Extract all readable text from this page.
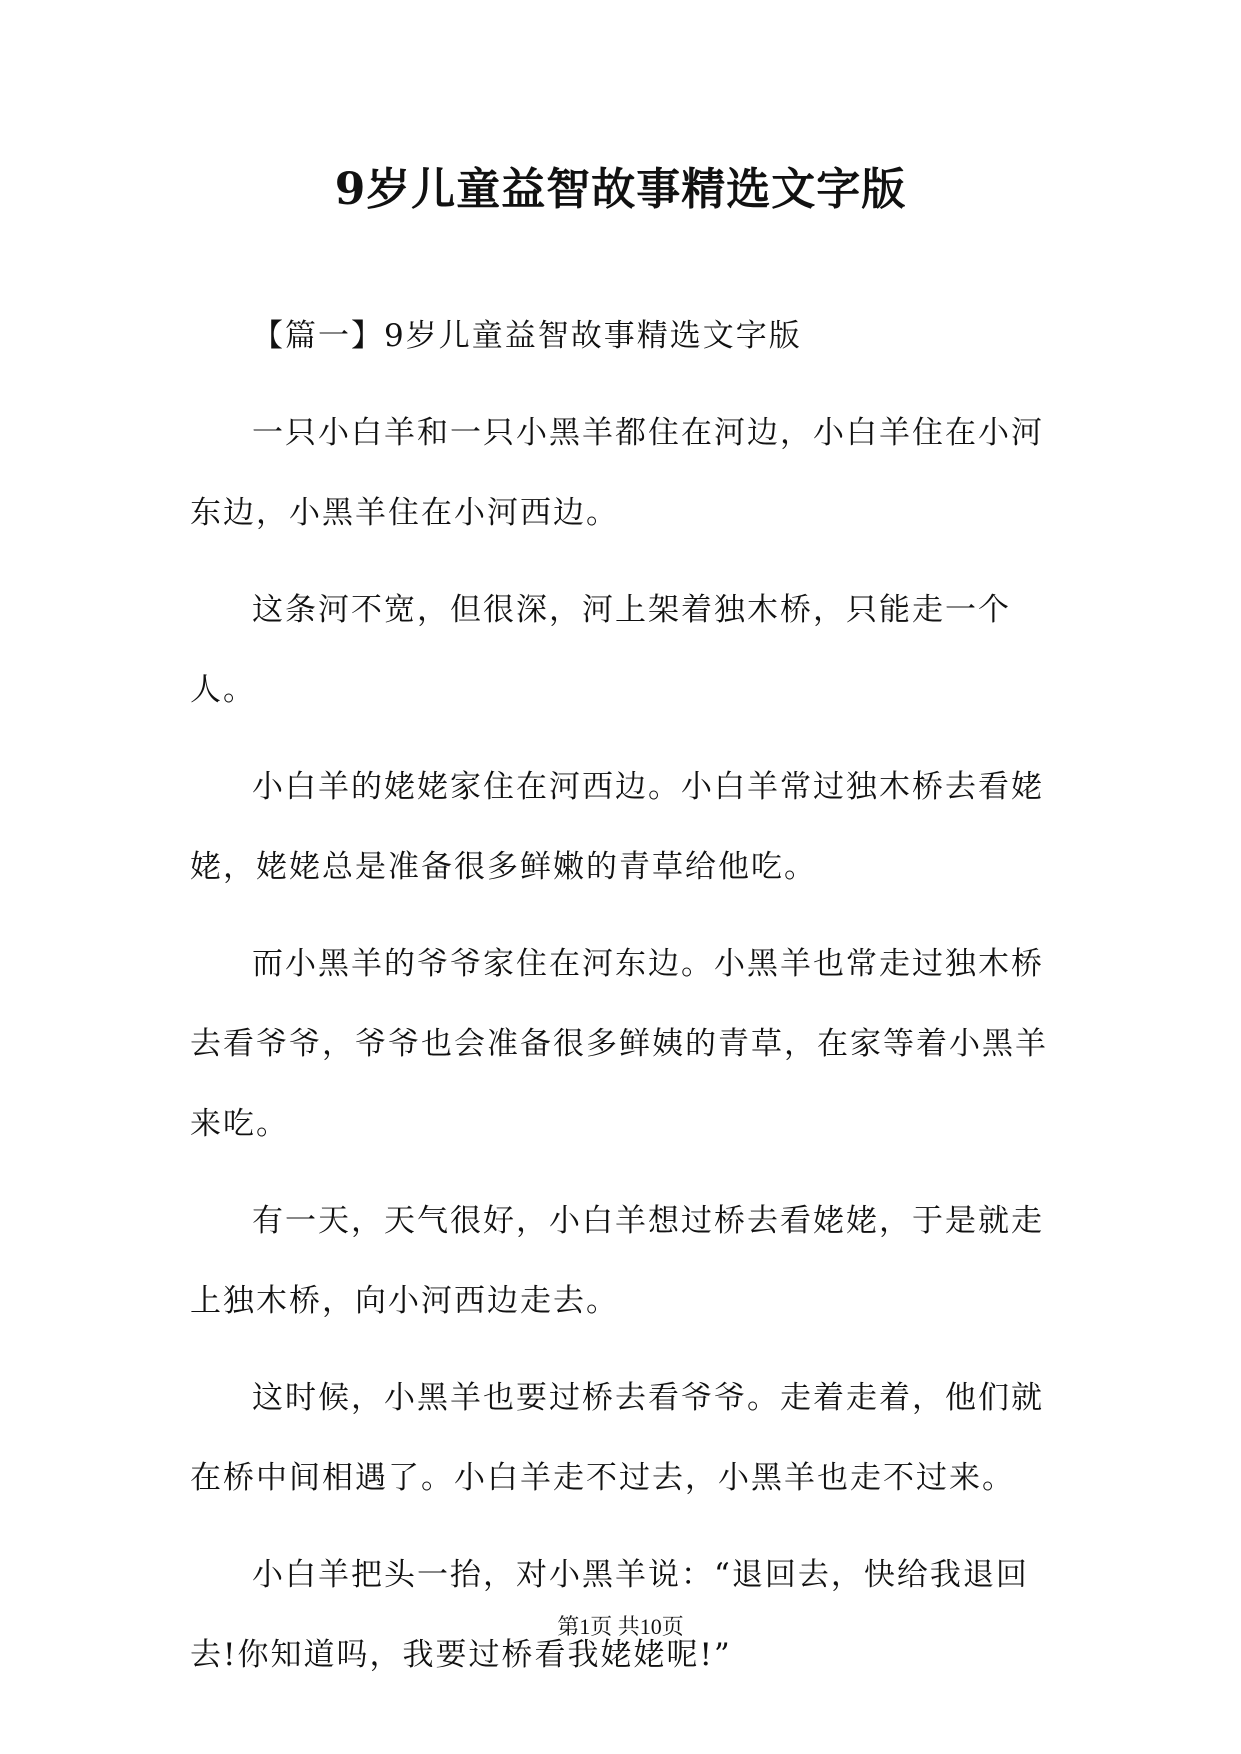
9岁儿童益智故事精选文字版

【篇一】9岁儿童益智故事精选文字版

一只小白羊和一只小黑羊都住在河边，小白羊住在小河东边，小黑羊住在小河西边。

这条河不宽，但很深，河上架着独木桥，只能走一个人。

小白羊的姥姥家住在河西边。小白羊常过独木桥去看姥姥，姥姥总是准备很多鲜嫩的青草给他吃。

而小黑羊的爷爷家住在河东边。小黑羊也常走过独木桥去看爷爷，爷爷也会准备很多鲜姨的青草，在家等着小黑羊来吃。

有一天，天气很好，小白羊想过桥去看姥姥，于是就走上独木桥，向小河西边走去。

这时候，小黑羊也要过桥去看爷爷。走着走着，他们就在桥中间相遇了。小白羊走不过去，小黑羊也走不过来。

小白羊把头一抬，对小黑羊说：“退回去，快给我退回去!你知道吗，我要过桥看我姥姥呢!”

第1页 共10页
